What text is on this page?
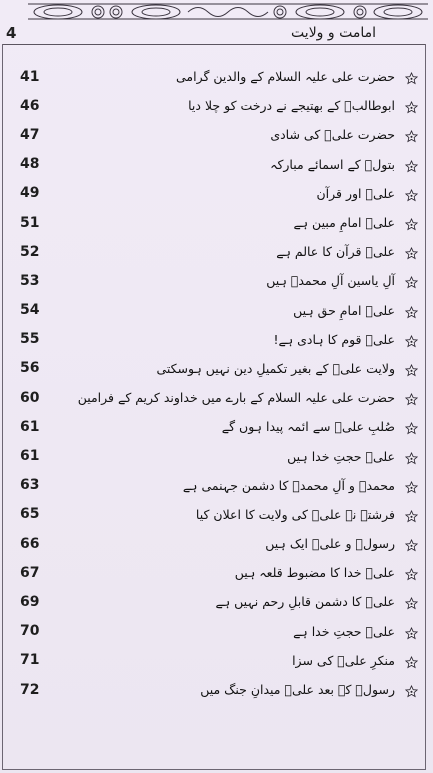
4	امامت و ولایت
41	حضرت علی علیہ السلام کے والدین گرامی
46	ابوطالبؑ کے بھتیجے نے درخت کو چلا دیا
47	حضرت علیؑ کی شادی
48	بتولؑ کے اسمائے مبارکہ
49	علیؑ اور قرآن
51	علیؑ امامِ مبین ہے
52	علیؑ قرآن کا عالم ہے
53	آلِ یاسین آلِ محمدؐ ہیں
54	علیؑ امامِ حق ہیں
55	علیؑ قوم کا ہادی ہے!
56	ولایت علیؑ کے بغیر تکمیلِ دین نہیں ہوسکتی
60	حضرت علی علیہ السلام کے بارے میں خداوند کریم کے فرامین
61	صُلبِ علیؑ سے ائمہ پیدا ہوں گے
61	علیؑ حجتِ خدا ہیں
63	محمدؐ و آلِ محمدؐ کا دشمن جہنمی ہے
65	فرشتے نے علیؑ کی ولایت کا اعلان کیا
66	رسولؐ و علیؑ ایک ہیں
67	علیؑ خدا کا مضبوط قلعہ ہیں
69	علیؑ کا دشمن قابلِ رحم نہیں ہے
70	علیؑ حجتِ خدا ہے
71	منکرِ علیؑ کی سزا
72	رسولؐ کے بعد علیؑ میدانِ جنگ میں
